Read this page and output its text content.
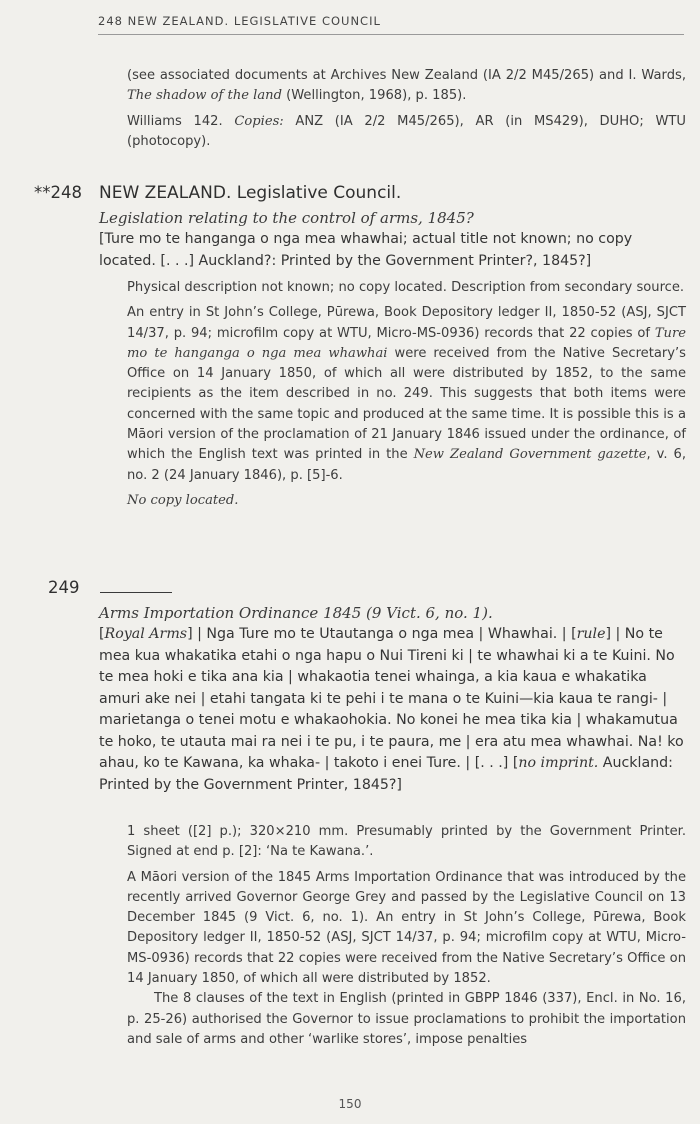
248 NEW ZEALAND. LEGISLATIVE COUNCIL

(see associated documents at Archives New Zealand (IA 2/2 M45/265) and I. Wards, The shadow of the land (Wellington, 1968), p. 185).

Williams 142. Copies: ANZ (IA 2/2 M45/265), AR (in MS429), DUHO; WTU (photocopy).

**248 NEW ZEALAND. Legislative Council.

Legislation relating to the control of arms, 1845?

[Ture mo te hanganga o nga mea whawhai; actual title not known; no copy located. [. . .] Auckland?: Printed by the Government Printer?, 1845?]

Physical description not known; no copy located. Description from secondary source.

An entry in St John’s College, Pūrewa, Book Depository ledger II, 1850-52 (ASJ, SJCT 14/37, p. 94; microfilm copy at WTU, Micro-MS-0936) records that 22 copies of Ture mo te hanganga o nga mea whawhai were received from the Native Secretary’s Office on 14 January 1850, of which all were distributed by 1852, to the same recipients as the item described in no. 249. This suggests that both items were concerned with the same topic and produced at the same time. It is possible this is a Māori version of the proclamation of 21 January 1846 issued under the ordinance, of which the English text was printed in the New Zealand Government gazette, v. 6, no. 2 (24 January 1846), p. [5]-6.

No copy located.

249

Arms Importation Ordinance 1845 (9 Vict. 6, no. 1).

[Royal Arms] | Nga Ture mo te Utautanga o nga mea | Whawhai. | [rule] | No te mea kua whakatika etahi o nga hapu o Nui Tireni ki | te whawhai ki a te Kuini. No te mea hoki e tika ana kia | whakaotia tenei whainga, a kia kaua e whakatika amuri ake nei | etahi tangata ki te pehi i te mana o te Kuini—kia kaua te rangi- | marietanga o tenei motu e whakaohokia. No konei he mea tika kia | whakamutua te hoko, te utauta mai ra nei i te pu, i te paura, me | era atu mea whawhai. Na! ko ahau, ko te Kawana, ka whaka- | takoto i enei Ture. | [. . .] [no imprint. Auckland: Printed by the Government Printer, 1845?]

1 sheet ([2] p.); 320×210 mm. Presumably printed by the Government Printer. Signed at end p. [2]: ‘Na te Kawana.’.

A Māori version of the 1845 Arms Importation Ordinance that was introduced by the recently arrived Governor George Grey and passed by the Legislative Council on 13 December 1845 (9 Vict. 6, no. 1). An entry in St John’s College, Pūrewa, Book Depository ledger II, 1850-52 (ASJ, SJCT 14/37, p. 94; microfilm copy at WTU, Micro-MS-0936) records that 22 copies were received from the Native Secretary’s Office on 14 January 1850, of which all were distributed by 1852.

The 8 clauses of the text in English (printed in GBPP 1846 (337), Encl. in No. 16, p. 25-26) authorised the Governor to issue proclamations to prohibit the importation and sale of arms and other ‘warlike stores’, impose penalties

150
